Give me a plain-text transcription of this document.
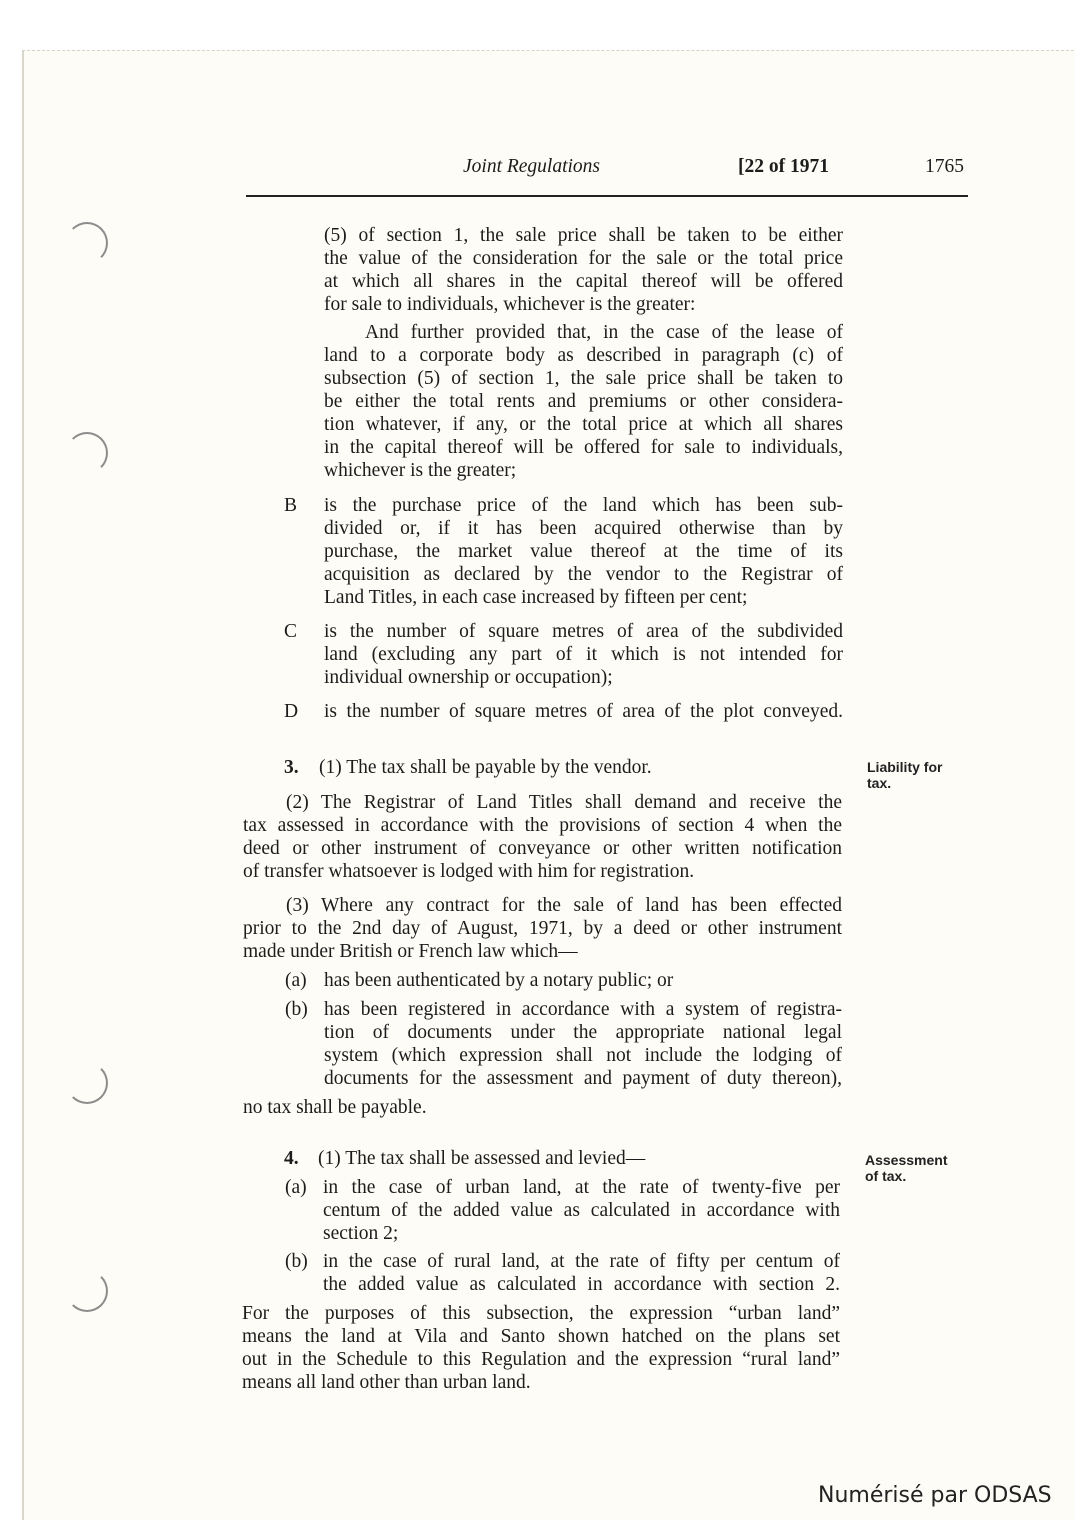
Joint Regulations	[22 of 1971	1765
(5) of section 1, the sale price shall be taken to be either
the value of the consideration for the sale or the total price
at which all shares in the capital thereof will be offered
for sale to individuals, whichever is the greater:
And further provided that, in the case of the lease of
land to a corporate body as described in paragraph (c) of
subsection (5) of section 1, the sale price shall be taken to
be either the total rents and premiums or other considera-
tion whatever, if any, or the total price at which all shares
in the capital thereof will be offered for sale to individuals,
whichever is the greater;
B is the purchase price of the land which has been sub-
divided or, if it has been acquired otherwise than by
purchase, the market value thereof at the time of its
acquisition as declared by the vendor to the Registrar of
Land Titles, in each case increased by fifteen per cent;
C is the number of square metres of area of the subdivided
land (excluding any part of it which is not intended for
individual ownership or occupation);
D is the number of square metres of area of the plot conveyed.
3. (1) The tax shall be payable by the vendor.	Liability for
tax.
(2) The Registrar of Land Titles shall demand and receive the
tax assessed in accordance with the provisions of section 4 when the
deed or other instrument of conveyance or other written notification
of transfer whatsoever is lodged with him for registration.
(3) Where any contract for the sale of land has been effected
prior to the 2nd day of August, 1971, by a deed or other instrument
made under British or French law which—
(a) has been authenticated by a notary public; or
(b) has been registered in accordance with a system of registra-
tion of documents under the appropriate national legal
system (which expression shall not include the lodging of
documents for the assessment and payment of duty thereon),
no tax shall be payable.
4. (1) The tax shall be assessed and levied—	Assessment
of tax.
(a) in the case of urban land, at the rate of twenty-five per
centum of the added value as calculated in accordance with
section 2;
(b) in the case of rural land, at the rate of fifty per centum of
the added value as calculated in accordance with section 2.
For the purposes of this subsection, the expression “urban land”
means the land at Vila and Santo shown hatched on the plans set
out in the Schedule to this Regulation and the expression “rural land”
means all land other than urban land.
Numérisé par ODSAS
